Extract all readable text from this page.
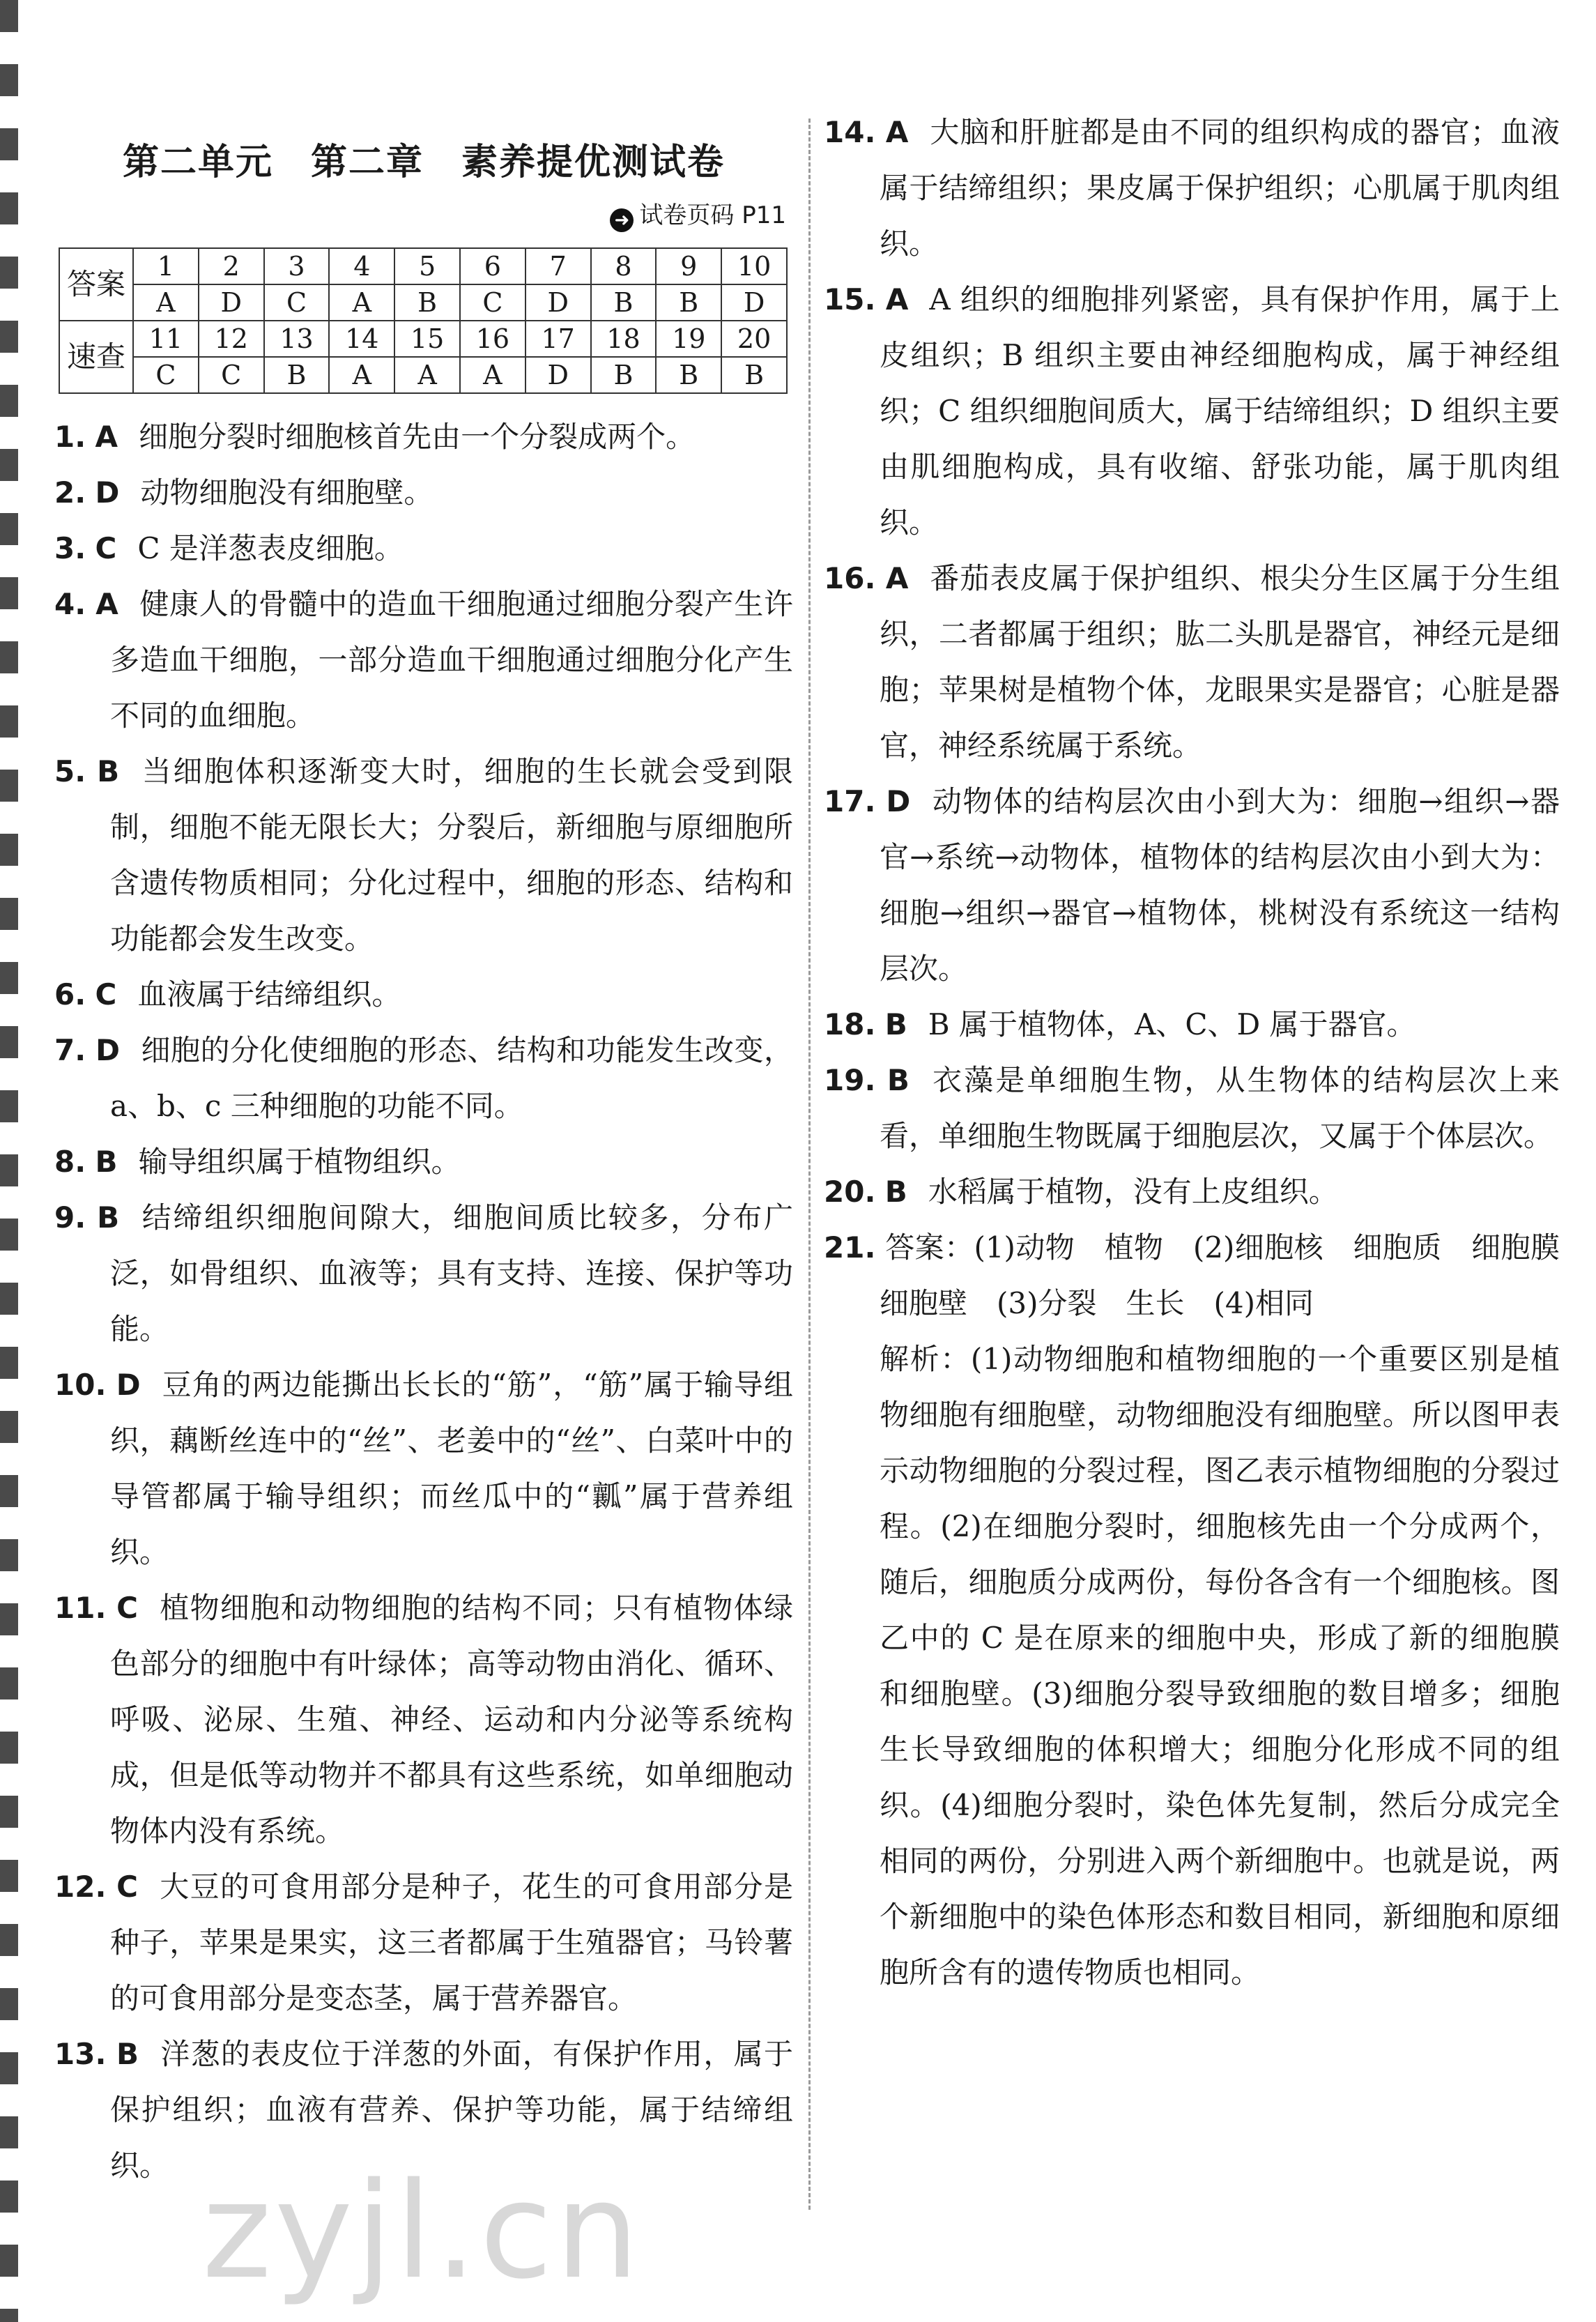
第二单元　第二章　素养提优测试卷
➜ 试卷页码 P11
答案	1	2	3	4	5	6	7	8	9	10
	A	D	C	A	B	C	D	B	B	D
速查	11	12	13	14	15	16	17	18	19	20
	C	C	B	A	A	A	D	B	B	B

1. A 细胞分裂时细胞核首先由一个分裂成两个。

2. D 动物细胞没有细胞壁。

3. C C 是洋葱表皮细胞。

4. A 健康人的骨髓中的造血干细胞通过细胞分裂产生许多造血干细胞，一部分造血干细胞通过细胞分化产生不同的血细胞。

5. B 当细胞体积逐渐变大时，细胞的生长就会受到限制，细胞不能无限长大；分裂后，新细胞与原细胞所含遗传物质相同；分化过程中，细胞的形态、结构和功能都会发生改变。

6. C 血液属于结缔组织。

7. D 细胞的分化使细胞的形态、结构和功能发生改变，a、b、c 三种细胞的功能不同。

8. B 输导组织属于植物组织。

9. B 结缔组织细胞间隙大，细胞间质比较多，分布广泛，如骨组织、血液等；具有支持、连接、保护等功能。

10. D 豆角的两边能撕出长长的“筋”，“筋”属于输导组织，藕断丝连中的“丝”、老姜中的“丝”、白菜叶中的导管都属于输导组织；而丝瓜中的“瓤”属于营养组织。

11. C 植物细胞和动物细胞的结构不同；只有植物体绿色部分的细胞中有叶绿体；高等动物由消化、循环、呼吸、泌尿、生殖、神经、运动和内分泌等系统构成，但是低等动物并不都具有这些系统，如单细胞动物体内没有系统。

12. C 大豆的可食用部分是种子，花生的可食用部分是种子，苹果是果实，这三者都属于生殖器官；马铃薯的可食用部分是变态茎，属于营养器官。

13. B 洋葱的表皮位于洋葱的外面，有保护作用，属于保护组织；血液有营养、保护等功能，属于结缔组织。

14. A 大脑和肝脏都是由不同的组织构成的器官；血液属于结缔组织；果皮属于保护组织；心肌属于肌肉组织。

15. A A 组织的细胞排列紧密，具有保护作用，属于上皮组织；B 组织主要由神经细胞构成，属于神经组织；C 组织细胞间质大，属于结缔组织；D 组织主要由肌细胞构成，具有收缩、舒张功能，属于肌肉组织。

16. A 番茄表皮属于保护组织、根尖分生区属于分生组织，二者都属于组织；肱二头肌是器官，神经元是细胞；苹果树是植物个体，龙眼果实是器官；心脏是器官，神经系统属于系统。

17. D 动物体的结构层次由小到大为：细胞→组织→器官→系统→动物体，植物体的结构层次由小到大为：细胞→组织→器官→植物体，桃树没有系统这一结构层次。

18. B B 属于植物体，A、C、D 属于器官。

19. B 衣藻是单细胞生物，从生物体的结构层次上来看，单细胞生物既属于细胞层次，又属于个体层次。

20. B 水稻属于植物，没有上皮组织。

21. 答案：(1)动物　植物　(2)细胞核　细胞质　细胞膜　细胞壁　(3)分裂　生长　(4)相同

解析：(1)动物细胞和植物细胞的一个重要区别是植物细胞有细胞壁，动物细胞没有细胞壁。所以图甲表示动物细胞的分裂过程，图乙表示植物细胞的分裂过程。(2)在细胞分裂时，细胞核先由一个分成两个，随后，细胞质分成两份，每份各含有一个细胞核。图乙中的 C 是在原来的细胞中央，形成了新的细胞膜和细胞壁。(3)细胞分裂导致细胞的数目增多；细胞生长导致细胞的体积增大；细胞分化形成不同的组织。(4)细胞分裂时，染色体先复制，然后分成完全相同的两份，分别进入两个新细胞中。也就是说，两个新细胞中的染色体形态和数目相同，新细胞和原细胞所含有的遗传物质也相同。

zyjl.cn
